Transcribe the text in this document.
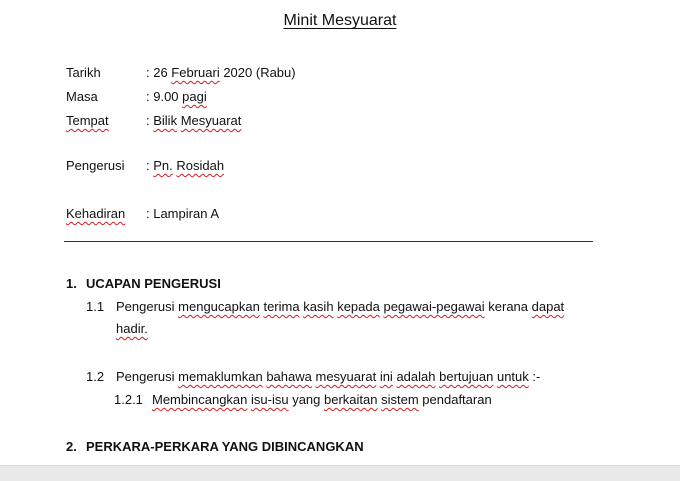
Minit Mesyuarat
Tarikh	: 26 Februari 2020 (Rabu)
Masa	: 9.00 pagi
Tempat	: Bilik Mesyuarat
Pengerusi : Pn. Rosidah
Kehadiran : Lampiran A
1. UCAPAN PENGERUSI
1.1 Pengerusi mengucapkan terima kasih kepada pegawai-pegawai kerana dapat
hadir.
1.2 Pengerusi memaklumkan bahawa mesyuarat ini adalah bertujuan untuk :-
1.2.1 Membincangkan isu-isu yang berkaitan sistem pendaftaran
2. PERKARA-PERKARA YANG DIBINCANGKAN
